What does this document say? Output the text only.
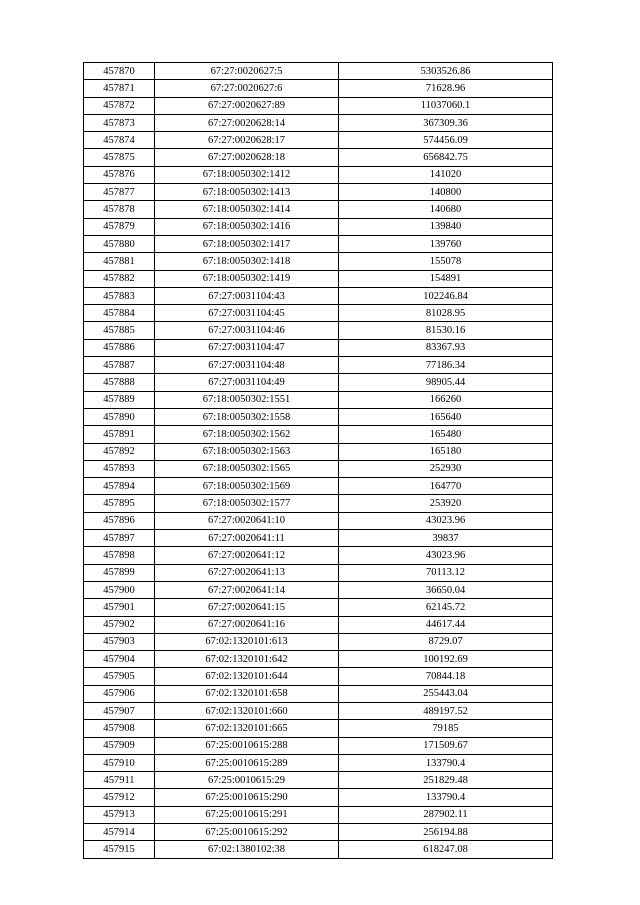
457870	67:27:0020627:5	5303526.86
457871	67:27:0020627:6	71628.96
457872	67:27:0020627:89	11037060.1
457873	67:27:0020628:14	367309.36
457874	67:27:0020628:17	574456.09
457875	67:27:0020628:18	656842.75
457876	67:18:0050302:1412	141020
457877	67:18:0050302:1413	140800
457878	67:18:0050302:1414	140680
457879	67:18:0050302:1416	139840
457880	67:18:0050302:1417	139760
457881	67:18:0050302:1418	155078
457882	67:18:0050302:1419	154891
457883	67:27:0031104:43	102246.84
457884	67:27:0031104:45	81028.95
457885	67:27:0031104:46	81530.16
457886	67:27:0031104:47	83367.93
457887	67:27:0031104:48	77186.34
457888	67:27:0031104:49	98905.44
457889	67:18:0050302:1551	166260
457890	67:18:0050302:1558	165640
457891	67:18:0050302:1562	165480
457892	67:18:0050302:1563	165180
457893	67:18:0050302:1565	252930
457894	67:18:0050302:1569	164770
457895	67:18:0050302:1577	253920
457896	67:27:0020641:10	43023.96
457897	67:27:0020641:11	39837
457898	67:27:0020641:12	43023.96
457899	67:27:0020641:13	70113.12
457900	67:27:0020641:14	36650.04
457901	67:27:0020641:15	62145.72
457902	67:27:0020641:16	44617.44
457903	67:02:1320101:613	8729.07
457904	67:02:1320101:642	100192.69
457905	67:02:1320101:644	70844.18
457906	67:02:1320101:658	255443.04
457907	67:02:1320101:660	489197.52
457908	67:02:1320101:665	79185
457909	67:25:0010615:288	171509.67
457910	67:25:0010615:289	133790.4
457911	67:25:0010615:29	251829.48
457912	67:25:0010615:290	133790.4
457913	67:25:0010615:291	287902.11
457914	67:25:0010615:292	256194.88
457915	67:02:1380102:38	618247.08
